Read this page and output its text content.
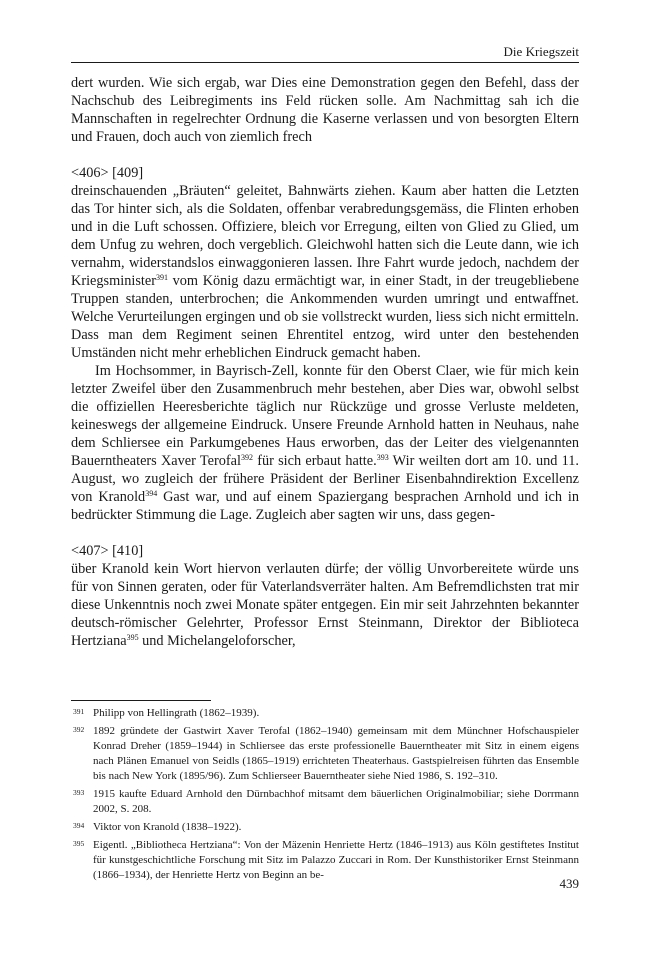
Die Kriegszeit

dert wurden. Wie sich ergab, war Dies eine Demonstration gegen den Befehl, dass der Nachschub des Leibregiments ins Feld rücken solle. Am Nachmittag sah ich die Mannschaften in regelrechter Ordnung die Kaserne verlassen und von besorgten Eltern und Frauen, doch auch von ziemlich frech

<406> [409]

dreinschauenden „Bräuten“ geleitet, Bahnwärts ziehen. Kaum aber hatten die Letzten das Tor hinter sich, als die Soldaten, offenbar verabredungsgemäss, die Flinten erhoben und in die Luft schossen. Offiziere, bleich vor Erregung, eilten von Glied zu Glied, um dem Unfug zu wehren, doch vergeblich. Gleichwohl hatten sich die Leute dann, wie ich vernahm, widerstandslos einwaggonieren lassen. Ihre Fahrt wurde jedoch, nachdem der Kriegsminister$^{391}$ vom König dazu ermächtigt war, in einer Stadt, in der treugebliebene Truppen standen, unterbrochen; die Ankommenden wurden umringt und entwaffnet. Welche Verurteilungen ergingen und ob sie vollstreckt wurden, liess sich nicht ermitteln. Dass man dem Regiment seinen Ehrentitel entzog, wird unter den bestehenden Umständen nicht mehr erheblichen Eindruck gemacht haben.

Im Hochsommer, in Bayrisch-Zell, konnte für den Oberst Claer, wie für mich kein letzter Zweifel über den Zusammenbruch mehr bestehen, aber Dies war, obwohl selbst die offiziellen Heeresberichte täglich nur Rückzüge und grosse Verluste meldeten, keineswegs der allgemeine Eindruck. Unsere Freunde Arnhold hatten in Neuhaus, nahe dem Schliersee ein Parkumgebenes Haus erworben, das der Leiter des vielgenannten Bauerntheaters Xaver Terofal$^{392}$ für sich erbaut hatte.$^{393}$ Wir weilten dort am 10. und 11. August, wo zugleich der frühere Präsident der Berliner Eisenbahndirektion Excellenz von Kranold$^{394}$ Gast war, und auf einem Spaziergang besprachen Arnhold und ich in bedrückter Stimmung die Lage. Zugleich aber sagten wir uns, dass gegen-

<407> [410]

über Kranold kein Wort hiervon verlauten dürfe; der völlig Unvorbereitete würde uns für von Sinnen geraten, oder für Vaterlandsverräter halten. Am Befremdlichsten trat mir diese Unkenntnis noch zwei Monate später entgegen. Ein mir seit Jahrzehnten bekannter deutsch-römischer Gelehrter, Professor Ernst Steinmann, Direktor der Biblioteca Hertziana$^{395}$ und Michelangeloforscher,

391 Philipp von Hellingrath (1862–1939).
392 1892 gründete der Gastwirt Xaver Terofal (1862–1940) gemeinsam mit dem Münchner Hofschauspieler Konrad Dreher (1859–1944) in Schliersee das erste professionelle Bauerntheater mit Sitz in einem eigens nach Plänen Emanuel von Seidls (1865–1919) errichteten Theaterhaus. Gastspielreisen führten das Ensemble bis nach New York (1895/96). Zum Schlierseer Bauerntheater siehe Nied 1986, S. 192–310.
393 1915 kaufte Eduard Arnhold den Dürnbachhof mitsamt dem bäuerlichen Originalmobiliar; siehe Dorrmann 2002, S. 208.
394 Viktor von Kranold (1838–1922).
395 Eigentl. „Bibliotheca Hertziana“: Von der Mäzenin Henriette Hertz (1846–1913) aus Köln gestiftetes Institut für kunstgeschichtliche Forschung mit Sitz im Palazzo Zuccari in Rom. Der Kunsthistoriker Ernst Steinmann (1866–1934), der Henriette Hertz von Beginn an be-
439
